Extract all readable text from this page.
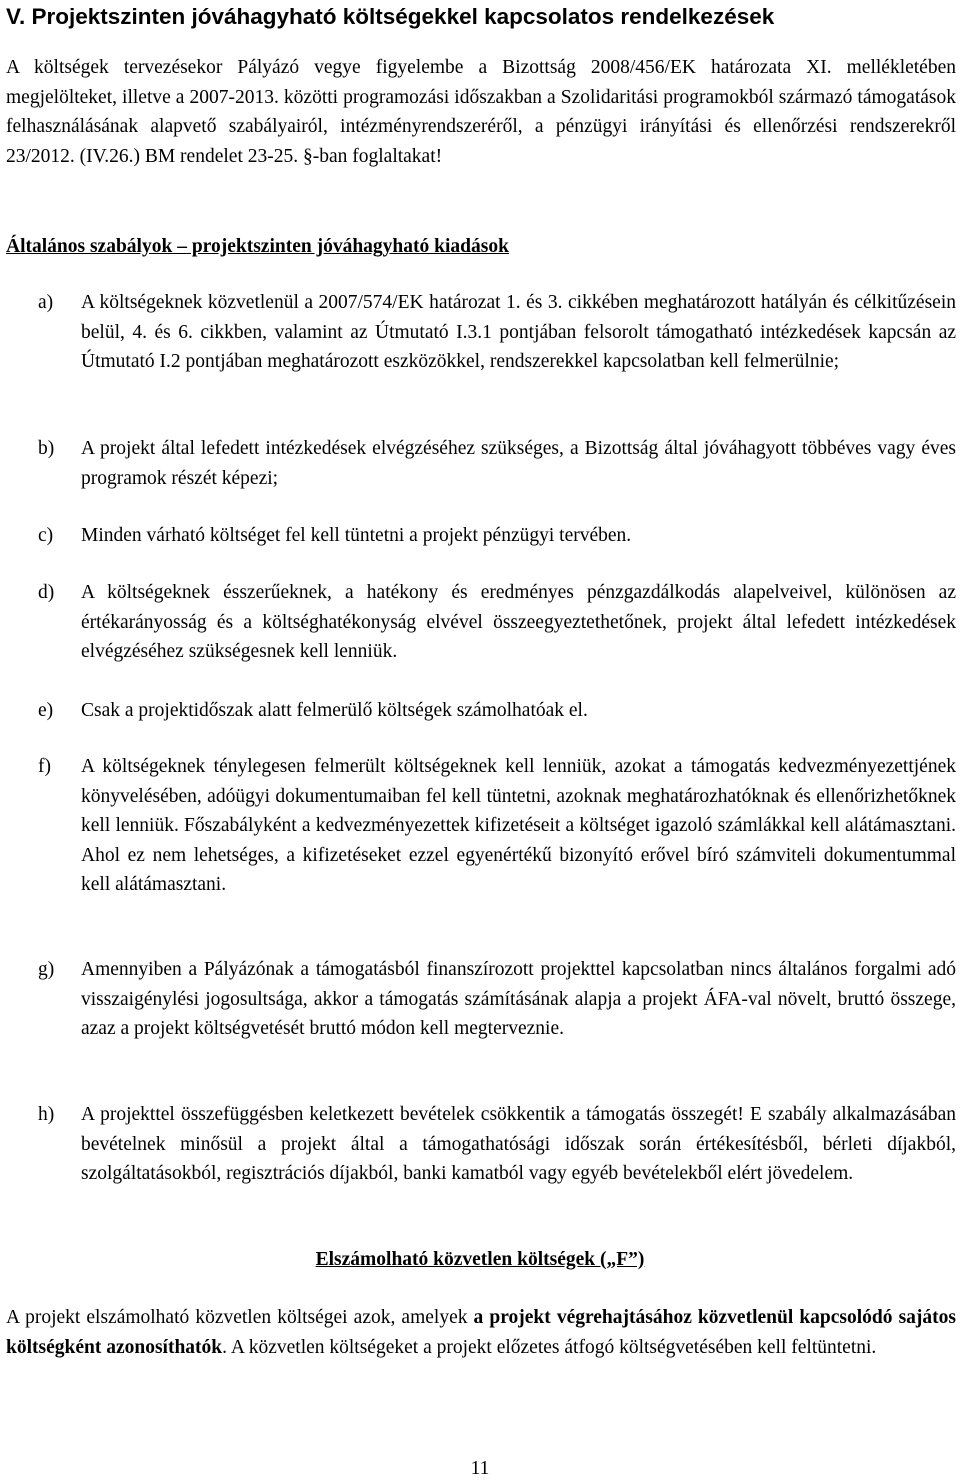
V. Projektszinten jóváhagyható költségekkel kapcsolatos rendelkezések

A költségek tervezésekor Pályázó vegye figyelembe a Bizottság 2008/456/EK határozata XI. mellékletében megjelölteket, illetve a 2007-2013. közötti programozási időszakban a Szolidaritási programokból származó támogatások felhasználásának alapvető szabályairól, intézményrendszeréről, a pénzügyi irányítási és ellenőrzési rendszerekről 23/2012. (IV.26.) BM rendelet 23-25. §-ban foglaltakat!

Általános szabályok – projektszinten jóváhagyható kiadások
a) A költségeknek közvetlenül a 2007/574/EK határozat 1. és 3. cikkében meghatározott hatályán és célkitűzésein belül, 4. és 6. cikkben, valamint az Útmutató I.3.1 pontjában felsorolt támogatható intézkedések kapcsán az Útmutató I.2 pontjában meghatározott eszközökkel, rendszerekkel kapcsolatban kell felmerülnie;
b) A projekt által lefedett intézkedések elvégzéséhez szükséges, a Bizottság által jóváhagyott többéves vagy éves programok részét képezi;
c) Minden várható költséget fel kell tüntetni a projekt pénzügyi tervében.
d) A költségeknek ésszerűeknek, a hatékony és eredményes pénzgazdálkodás alapelveivel, különösen az értékarányosság és a költséghatékonyság elvével összeegyeztethetőnek, projekt által lefedett intézkedések elvégzéséhez szükségesnek kell lenniük.
e) Csak a projektidőszak alatt felmerülő költségek számolhatóak el.
f) A költségeknek ténylegesen felmerült költségeknek kell lenniük, azokat a támogatás kedvezményezettjének könyvelésében, adóügyi dokumentumaiban fel kell tüntetni, azoknak meghatározhatóknak és ellenőrizhetőknek kell lenniük. Főszabályként a kedvezményezettek kifizetéseit a költséget igazoló számlákkal kell alátámasztani. Ahol ez nem lehetséges, a kifizetéseket ezzel egyenértékű bizonyító erővel bíró számviteli dokumentummal kell alátámasztani.
g) Amennyiben a Pályázónak a támogatásból finanszírozott projekttel kapcsolatban nincs általános forgalmi adó visszaigénylési jogosultsága, akkor a támogatás számításának alapja a projekt ÁFA-val növelt, bruttó összege, azaz a projekt költségvetését bruttó módon kell megterveznie.
h) A projekttel összefüggésben keletkezett bevételek csökkentik a támogatás összegét! E szabály alkalmazásában bevételnek minősül a projekt által a támogathatósági időszak során értékesítésből, bérleti díjakból, szolgáltatásokból, regisztrációs díjakból, banki kamatból vagy egyéb bevételekből elért jövedelem.
Elszámolható közvetlen költségek („F”)

A projekt elszámolható közvetlen költségei azok, amelyek a projekt végrehajtásához közvetlenül kapcsolódó sajátos költségként azonosíthatók. A közvetlen költségeket a projekt előzetes átfogó költségvetésében kell feltüntetni.

11
